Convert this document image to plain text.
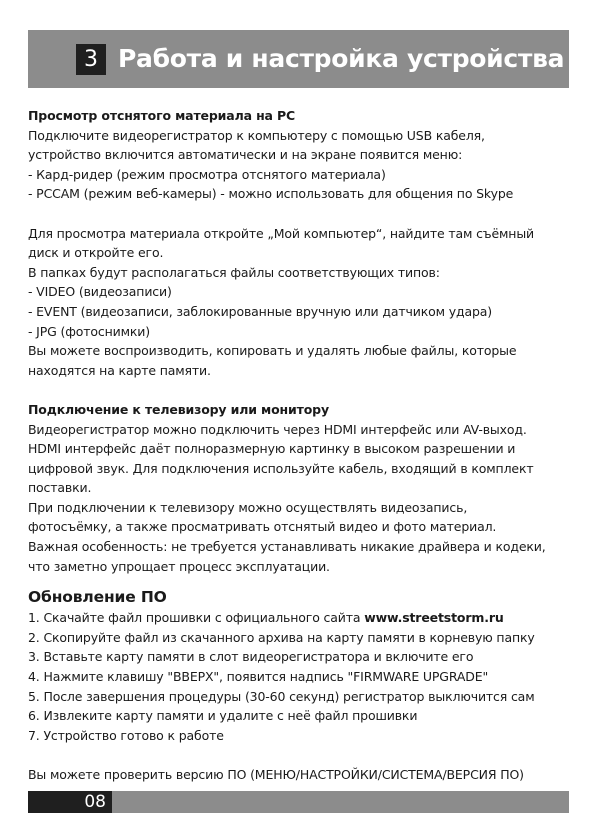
3 Работа и настройка устройства
Просмотр отснятого материала на PC
Подключите видеорегистратор к компьютеру с помощью USB кабеля,
устройство включится автоматически и на экране появится меню:
- Кард-ридер (режим просмотра отснятого материала)
- PCCAM (режим веб-камеры) - можно использовать для общения по Skype
Для просмотра материала откройте „Мой компьютер“, найдите там съёмный
диск и откройте его.
В папках будут располагаться файлы соответствующих типов:
- VIDEO (видеозаписи)
- EVENT (видеозаписи, заблокированные вручную или датчиком удара)
- JPG (фотоснимки)
Вы можете воспроизводить, копировать и удалять любые файлы, которые
находятся на карте памяти.
Подключение к телевизору или монитору
Видеорегистратор можно подключить через HDMI интерфейс или AV-выход.
HDMI интерфейс даёт полноразмерную картинку в высоком разрешении и
цифровой звук. Для подключения используйте кабель, входящий в комплект
поставки.
При подключении к телевизору можно осуществлять видеозапись,
фотосъёмку, а также просматривать отснятый видео и фото материал.
Важная особенность: не требуется устанавливать никакие драйвера и кодеки,
что заметно упрощает процесс эксплуатации.
Обновление ПО
1. Скачайте файл прошивки с официального сайта www.streetstorm.ru
2. Скопируйте файл из скачанного архива на карту памяти в корневую папку
3. Вставьте карту памяти в слот видеорегистратора и включите его
4. Нажмите клавишу "ВВЕРХ", появится надпись "FIRMWARE UPGRADE"
5. После завершения процедуры (30-60 секунд) регистратор выключится сам
6. Извлеките карту памяти и удалите с неё файл прошивки
7. Устройство готово к работе
Вы можете проверить версию ПО (МЕНЮ/НАСТРОЙКИ/СИСТЕМА/ВЕРСИЯ ПО)
08
